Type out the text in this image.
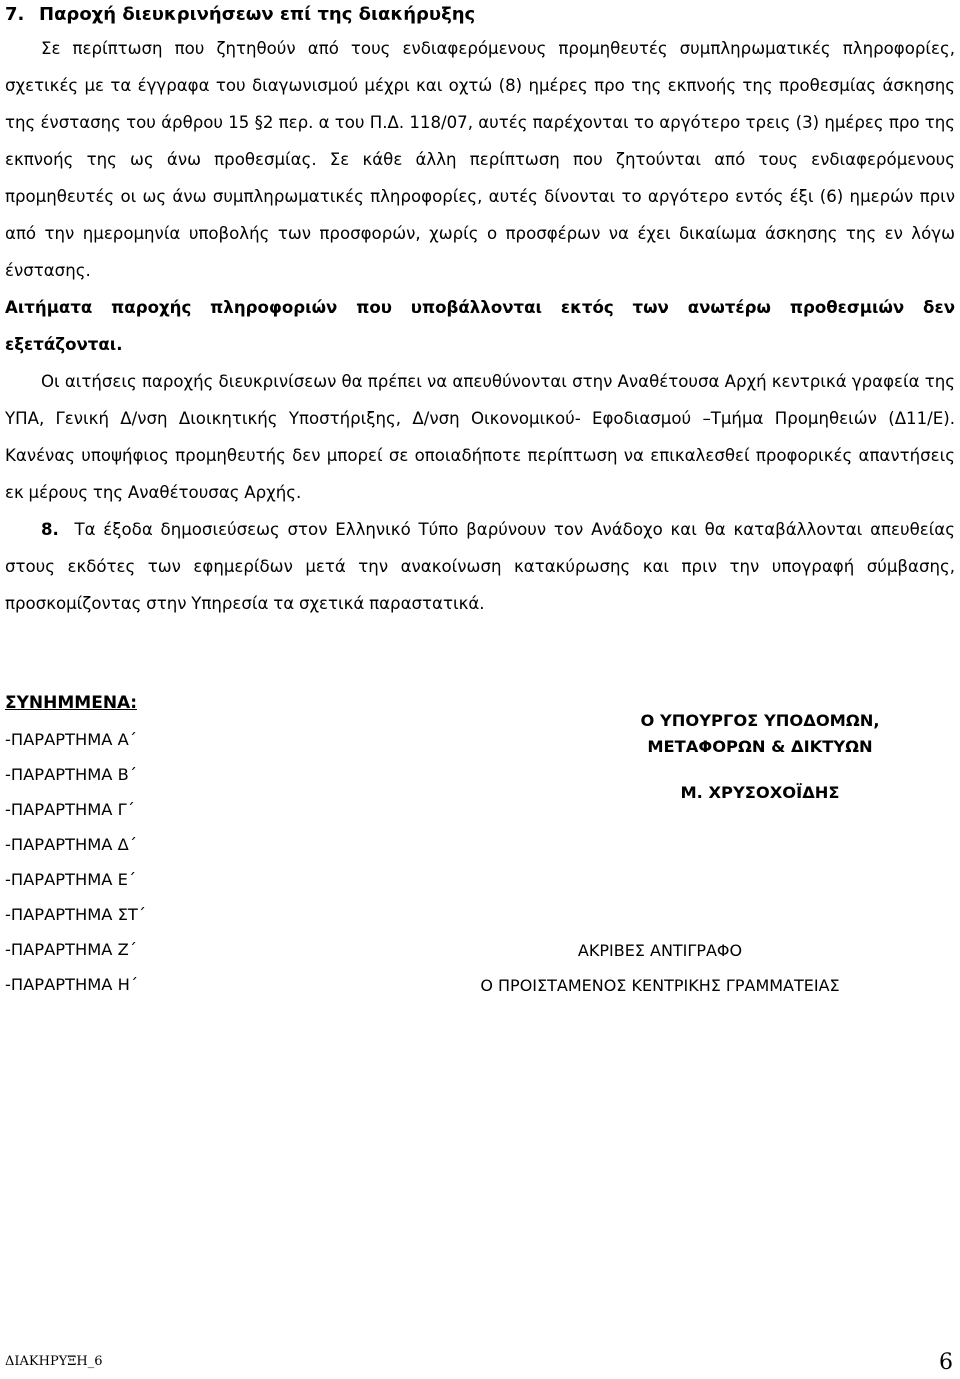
7. Παροχή διευκρινήσεων επί της διακήρυξης

Σε περίπτωση που ζητηθούν από τους ενδιαφερόμενους προμηθευτές συμπληρωματικές πληροφορίες, σχετικές με τα έγγραφα του διαγωνισμού μέχρι και οχτώ (8) ημέρες προ της εκπνοής της προθεσμίας άσκησης της ένστασης του άρθρου 15 §2 περ. α του Π.Δ. 118/07, αυτές παρέχονται το αργότερο τρεις (3) ημέρες προ της εκπνοής της ως άνω προθεσμίας. Σε κάθε άλλη περίπτωση που ζητούνται από τους ενδιαφερόμενους προμηθευτές οι ως άνω συμπληρωματικές πληροφορίες, αυτές δίνονται το αργότερο εντός έξι (6) ημερών πριν από την ημερομηνία υποβολής των προσφορών, χωρίς ο προσφέρων να έχει δικαίωμα άσκησης της εν λόγω ένστασης.

Αιτήματα παροχής πληροφοριών που υποβάλλονται εκτός των ανωτέρω προθεσμιών δεν εξετάζονται.

Οι αιτήσεις παροχής διευκρινίσεων θα πρέπει να απευθύνονται στην Αναθέτουσα Αρχή κεντρικά γραφεία της ΥΠΑ, Γενική Δ/νση Διοικητικής Υποστήριξης, Δ/νση Οικονομικού- Εφοδιασμού –Τμήμα Προμηθειών (Δ11/Ε). Κανένας υποψήφιος προμηθευτής δεν μπορεί σε οποιαδήποτε περίπτωση να επικαλεσθεί προφορικές απαντήσεις εκ μέρους της Αναθέτουσας Αρχής.

8. Τα έξοδα δημοσιεύσεως στον Ελληνικό Τύπο βαρύνουν τον Ανάδοχο και θα καταβάλλονται απευθείας στους εκδότες των εφημερίδων μετά την ανακοίνωση κατακύρωσης και πριν την υπογραφή σύμβασης, προσκομίζοντας στην Υπηρεσία τα σχετικά παραστατικά.

ΣΥΝΗΜΜΕΝΑ:
-ΠΑΡΑΡΤΗΜΑ Α΄
-ΠΑΡΑΡΤΗΜΑ Β΄
-ΠΑΡΑΡΤΗΜΑ Γ΄
-ΠΑΡΑΡΤΗΜΑ Δ΄
-ΠΑΡΑΡΤΗΜΑ Ε΄
-ΠΑΡΑΡΤΗΜΑ ΣΤ΄
-ΠΑΡΑΡΤΗΜΑ Ζ΄
-ΠΑΡΑΡΤΗΜΑ Η΄
Ο ΥΠΟΥΡΓΟΣ ΥΠΟΔΟΜΩΝ,
ΜΕΤΑΦΟΡΩΝ & ΔΙΚΤΥΩΝ
Μ. ΧΡΥΣΟΧΟΪΔΗΣ
ΑΚΡΙΒΕΣ ΑΝΤΙΓΡΑΦΟ
Ο ΠΡΟΙΣΤΑΜΕΝΟΣ ΚΕΝΤΡΙΚΗΣ ΓΡΑΜΜΑΤΕΙΑΣ
ΔΙΑΚΗΡΥΞΗ_6	6
